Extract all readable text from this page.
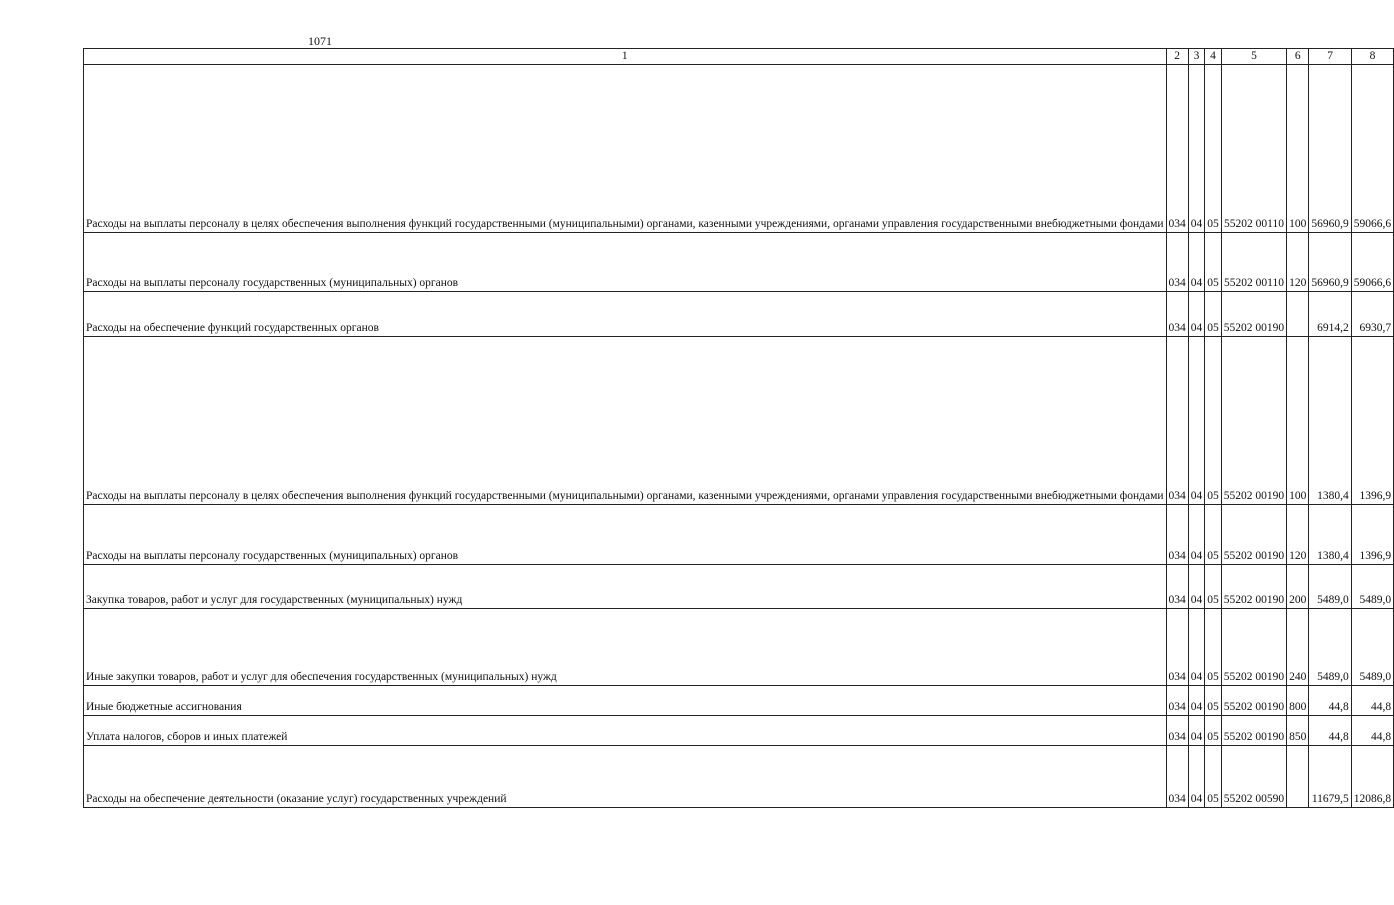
1071
1	2	3	4	5	6	7	8
Расходы на выплаты персоналу в целях обеспечения выполнения функций государственными (муниципальными) органами, казенными учреждениями, органами управления государственными внебюджетными фондами	034	04	05	55202 00110	100	56960,9	59066,6
Расходы на выплаты персоналу государственных (муниципальных) органов	034	04	05	55202 00110	120	56960,9	59066,6
Расходы на обеспечение функций государственных органов	034	04	05	55202 00190		6914,2	6930,7
Расходы на выплаты персоналу в целях обеспечения выполнения функций государственными (муниципальными) органами, казенными учреждениями, органами управления государственными внебюджетными фондами	034	04	05	55202 00190	100	1380,4	1396,9
Расходы на выплаты персоналу государственных (муниципальных) органов	034	04	05	55202 00190	120	1380,4	1396,9
Закупка товаров, работ и услуг для государственных (муниципальных) нужд	034	04	05	55202 00190	200	5489,0	5489,0
Иные закупки товаров, работ и услуг для обеспечения государственных (муниципальных) нужд	034	04	05	55202 00190	240	5489,0	5489,0
Иные бюджетные ассигнования	034	04	05	55202 00190	800	44,8	44,8
Уплата налогов, сборов и иных платежей	034	04	05	55202 00190	850	44,8	44,8
Расходы на обеспечение деятельности (оказание услуг) государственных учреждений	034	04	05	55202 00590		11679,5	12086,8
